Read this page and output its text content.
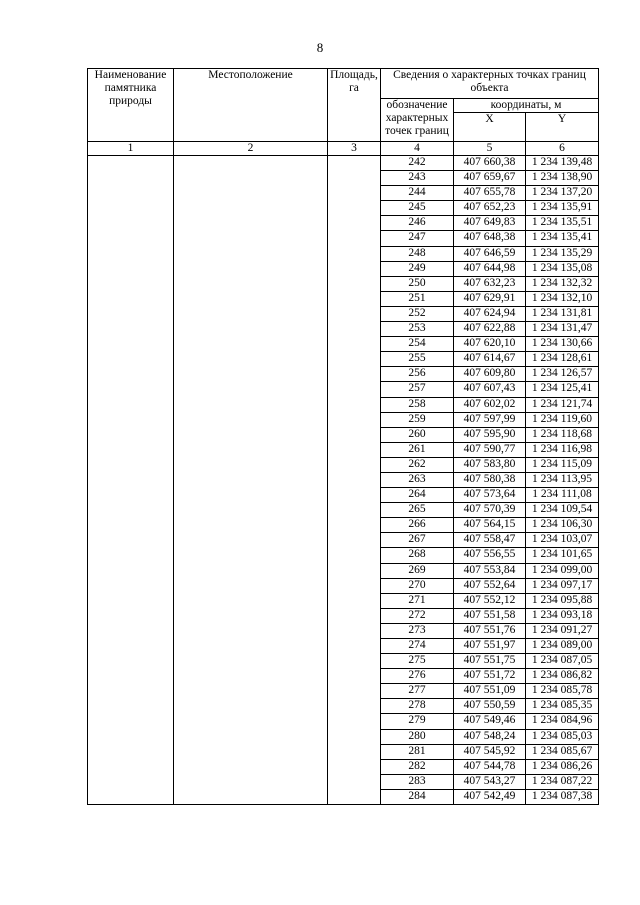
8
Наименование памятника природы	Местоположение	Площадь, га	Сведения о характерных точках границ объекта		
			обозначение характерных точек границ	координаты, м	
				X	Y
1	2	3	4	5	6
			242	407 660,38	1 234 139,48
			243	407 659,67	1 234 138,90
			244	407 655,78	1 234 137,20
			245	407 652,23	1 234 135,91
			246	407 649,83	1 234 135,51
			247	407 648,38	1 234 135,41
			248	407 646,59	1 234 135,29
			249	407 644,98	1 234 135,08
			250	407 632,23	1 234 132,32
			251	407 629,91	1 234 132,10
			252	407 624,94	1 234 131,81
			253	407 622,88	1 234 131,47
			254	407 620,10	1 234 130,66
			255	407 614,67	1 234 128,61
			256	407 609,80	1 234 126,57
			257	407 607,43	1 234 125,41
			258	407 602,02	1 234 121,74
			259	407 597,99	1 234 119,60
			260	407 595,90	1 234 118,68
			261	407 590,77	1 234 116,98
			262	407 583,80	1 234 115,09
			263	407 580,38	1 234 113,95
			264	407 573,64	1 234 111,08
			265	407 570,39	1 234 109,54
			266	407 564,15	1 234 106,30
			267	407 558,47	1 234 103,07
			268	407 556,55	1 234 101,65
			269	407 553,84	1 234 099,00
			270	407 552,64	1 234 097,17
			271	407 552,12	1 234 095,88
			272	407 551,58	1 234 093,18
			273	407 551,76	1 234 091,27
			274	407 551,97	1 234 089,00
			275	407 551,75	1 234 087,05
			276	407 551,72	1 234 086,82
			277	407 551,09	1 234 085,78
			278	407 550,59	1 234 085,35
			279	407 549,46	1 234 084,96
			280	407 548,24	1 234 085,03
			281	407 545,92	1 234 085,67
			282	407 544,78	1 234 086,26
			283	407 543,27	1 234 087,22
			284	407 542,49	1 234 087,38
